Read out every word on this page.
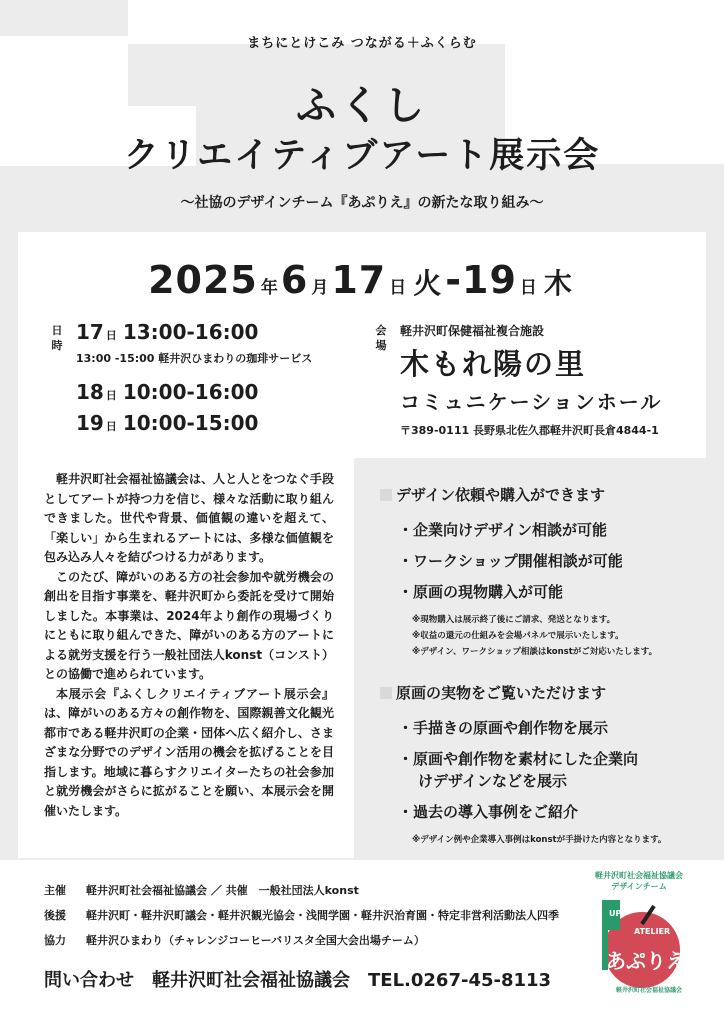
まちにとけこみ つながる＋ふくらむ
ふくし
クリエイティブアート展示会
〜社協のデザインチーム『あぷりえ』の新たな取り組み〜
2025 年6 月17 日 火 -19 日 木
日
時
17 日 13:00-16:00
13:00 -15:00 軽井沢ひまわりの珈琲サービス
18 日 10:00-16:00
19 日 10:00-15:00
会
場
軽井沢町保健福祉複合施設
木もれ陽の里
コミュニケーションホール
〒389-0111 長野県北佐久郡軽井沢町長倉4844-1

軽井沢町社会福祉協議会は、人と人とをつなぐ手段としてアートが持つ力を信じ、様々な活動に取り組んできました。世代や背景、価値観の違いを超えて、「楽しい」から生まれるアートには、多様な価値観を包み込み人々を結びつける力があります。

このたび、障がいのある方の社会参加や就労機会の創出を目指す事業を、軽井沢町から委託を受けて開始しました。本事業は、2024年より創作の現場づくりにともに取り組んできた、障がいのある方のアートによる就労支援を行う一般社団法人konst（コンスト）との協働で進められています。

本展示会『ふくしクリエイティブアート展示会』は、障がいのある方々の創作物を、国際親善文化観光都市である軽井沢町の企業・団体へ広く紹介し、さまざまな分野でのデザイン活用の機会を拡げることを目指します。地域に暮らすクリエイターたちの社会参加と就労機会がさらに拡がることを願い、本展示会を開催いたします。

デザイン依頼や購入ができます
・企業向けデザイン相談が可能
・ワークショップ開催相談が可能
・原画の現物購入が可能
※現物購入は展示終了後にご請求、発送となります。
※収益の還元の仕組みを会場パネルで展示いたします。
※デザイン、ワークショップ相談はkonstがご対応いたします。
原画の実物をご覧いただけます
・手描きの原画や創作物を展示
・原画や創作物を素材にした企業向けデザインなどを展示
・過去の導入事例をご紹介
※デザイン例や企業導入事例はkonstが手掛けた内容となります。
主催	軽井沢町社会福祉協議会 ／ 共催　一般社団法人konst
後援	軽井沢町・軽井沢町議会・軽井沢観光協会・浅間学園・軽井沢治育園・特定非営利活動法人四季
協力	軽井沢ひまわり（チャレンジコーヒーバリスタ全国大会出場チーム）
問い合わせ 軽井沢町社会福祉協議会 TEL.0267-45-8113
軽井沢町社会福祉協議会
デザインチーム
UP
ATELIER
あぷりえ
軽井沢町社会福祉協議会
